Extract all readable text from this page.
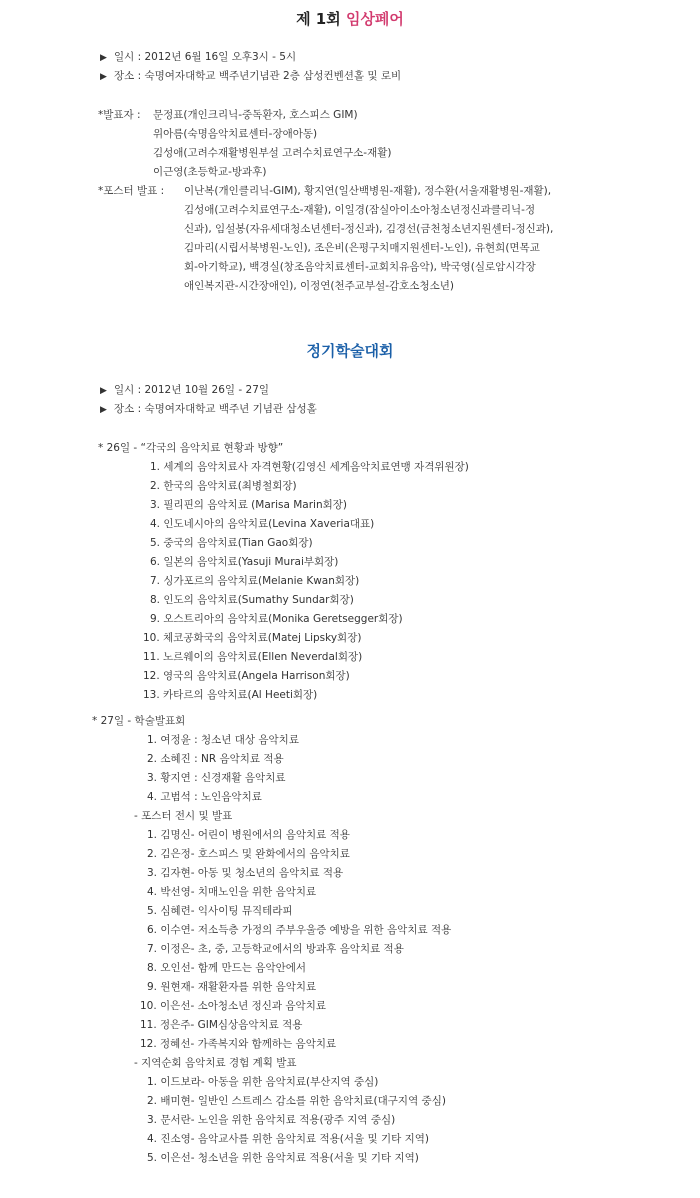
제 1회 임상페어
▶ 일시 : 2012년 6월 16일 오후3시 - 5시
▶ 장소 : 숙명여자대학교 백주년기념관 2층 삼성컨벤션홀 및 로비
*발표자 : 문정표(개인크리닉-중독환자, 호스피스 GIM)
위아름(숙명음악치료센터-장애아동)
김성애(고려수재활병원부설 고려수치료연구소-재활)
이근영(초등학교-방과후)
*포스터 발표 : 이난복(개인클리닉-GIM), 황지연(일산백병원-재활), 정수환(서울재활병원-재활),
김성애(고려수치료연구소-재활), 이일경(잠실아이소아청소년정신과클리닉-정
신과), 임설봉(자유세대청소년센터-정신과), 김경선(금천청소년지원센터-정신과),
김마리(시립서북병원-노인), 조은비(은평구치매지원센터-노인), 유현희(면목교
회-아기학교), 백경실(창조음악치료센터-교회치유음악), 박국영(실로암시각장
애인복지관-시간장애인), 이정연(천주교부설-감호소청소년)
정기학술대회
▶ 일시 : 2012년 10월 26일 - 27일
▶ 장소 : 숙명여자대학교 백주년 기념관 삼성홀
* 26일 - “각국의 음악치료 현황과 방향”
1. 세계의 음악치료사 자격현황(김영신 세계음악치료연맹 자격위원장)
2. 한국의 음악치료(최병철회장)
3. 필리핀의 음악치료 (Marisa Marin회장)
4. 인도네시아의 음악치료(Levina Xaveria대표)
5. 중국의 음악치료(Tian Gao회장)
6. 일본의 음악치료(Yasuji Murai부회장)
7. 싱가포르의 음악치료(Melanie Kwan회장)
8. 인도의 음악치료(Sumathy Sundar회장)
9. 오스트리아의 음악치료(Monika Geretsegger회장)
10. 체코공화국의 음악치료(Matej Lipsky회장)
11. 노르웨이의 음악치료(Ellen Neverdal회장)
12. 영국의 음악치료(Angela Harrison회장)
13. 카타르의 음악치료(Al Heeti회장)
* 27일 - 학술발표회
1. 여정윤 : 청소년 대상 음악치료
2. 소혜진 : NR 음악치료 적용
3. 황지연 : 신경재활 음악치료
4. 고범석 : 노인음악치료
- 포스터 전시 및 발표
1. 김명신- 어린이 병원에서의 음악치료 적용
2. 김은정- 호스피스 및 완화에서의 음악치료
3. 김자현- 아동 및 청소년의 음악치료 적용
4. 박선영- 치매노인을 위한 음악치료
5. 심혜련- 익사이팅 뮤직테라피
6. 이수연- 저소득층 가정의 주부우울증 예방을 위한 음악치료 적용
7. 이정은- 초, 중, 고등학교에서의 방과후 음악치료 적용
8. 오인선- 함께 만드는 음악안에서
9. 원현재- 재활환자를 위한 음악치료
10. 이은선- 소아청소년 정신과 음악치료
11. 정은주- GIM심상음악치료 적용
12. 정혜선- 가족복지와 함께하는 음악치료
- 지역순회 음악치료 경험 계획 발표
1. 이드보라- 아동을 위한 음악치료(부산지역 중심)
2. 배미현- 일반인 스트레스 감소를 위한 음악치료(대구지역 중심)
3. 문서란- 노인을 위한 음악치료 적용(광주 지역 중심)
4. 진소영- 음악교사를 위한 음악치료 적용(서울 및 기타 지역)
5. 이은선- 청소년을 위한 음악치료 적용(서울 및 기타 지역)
